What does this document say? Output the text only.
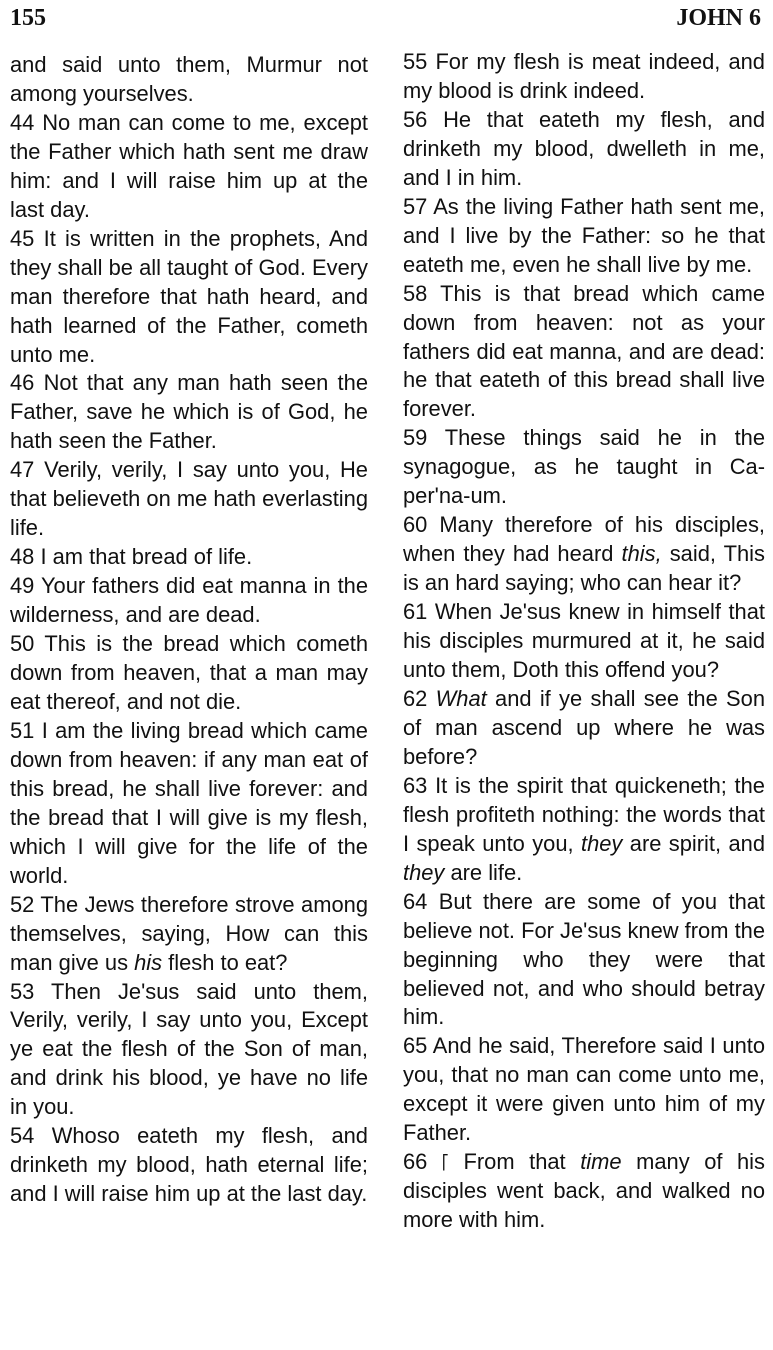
155	JOHN 6

and said unto them, Murmur not among yourselves.

44 No man can come to me, except the Father which hath sent me draw him: and I will raise him up at the last day.

45 It is written in the prophets, And they shall be all taught of God. Every man therefore that hath heard, and hath learned of the Father, cometh unto me.

46 Not that any man hath seen the Father, save he which is of God, he hath seen the Father.

47 Verily, verily, I say unto you, He that believeth on me hath everlasting life.

48 I am that bread of life.

49 Your fathers did eat manna in the wilderness, and are dead.

50 This is the bread which cometh down from heaven, that a man may eat thereof, and not die.

51 I am the living bread which came down from heaven: if any man eat of this bread, he shall live forever: and the bread that I will give is my flesh, which I will give for the life of the world.

52 The Jews therefore strove among themselves, saying, How can this man give us his flesh to eat?

53 Then Je'sus said unto them, Verily, verily, I say unto you, Except ye eat the flesh of the Son of man, and drink his blood, ye have no life in you.

54 Whoso eateth my flesh, and drinketh my blood, hath eternal life; and I will raise him up at the last day.

55 For my flesh is meat indeed, and my blood is drink indeed.

56 He that eateth my flesh, and drinketh my blood, dwelleth in me, and I in him.

57 As the living Father hath sent me, and I live by the Father: so he that eateth me, even he shall live by me.

58 This is that bread which came down from heaven: not as your fathers did eat manna, and are dead: he that eateth of this bread shall live forever.

59 These things said he in the synagogue, as he taught in Caper'na-um.

60 Many therefore of his disciples, when they had heard this, said, This is an hard saying; who can hear it?

61 When Je'sus knew in himself that his disciples murmured at it, he said unto them, Doth this offend you?

62 What and if ye shall see the Son of man ascend up where he was before?

63 It is the spirit that quickeneth; the flesh profiteth nothing: the words that I speak unto you, they are spirit, and they are life.

64 But there are some of you that believe not. For Je'sus knew from the beginning who they were that believed not, and who should betray him.

65 And he said, Therefore said I unto you, that no man can come unto me, except it were given unto him of my Father.

66 ⎡ From that time many of his disciples went back, and walked no more with him.
